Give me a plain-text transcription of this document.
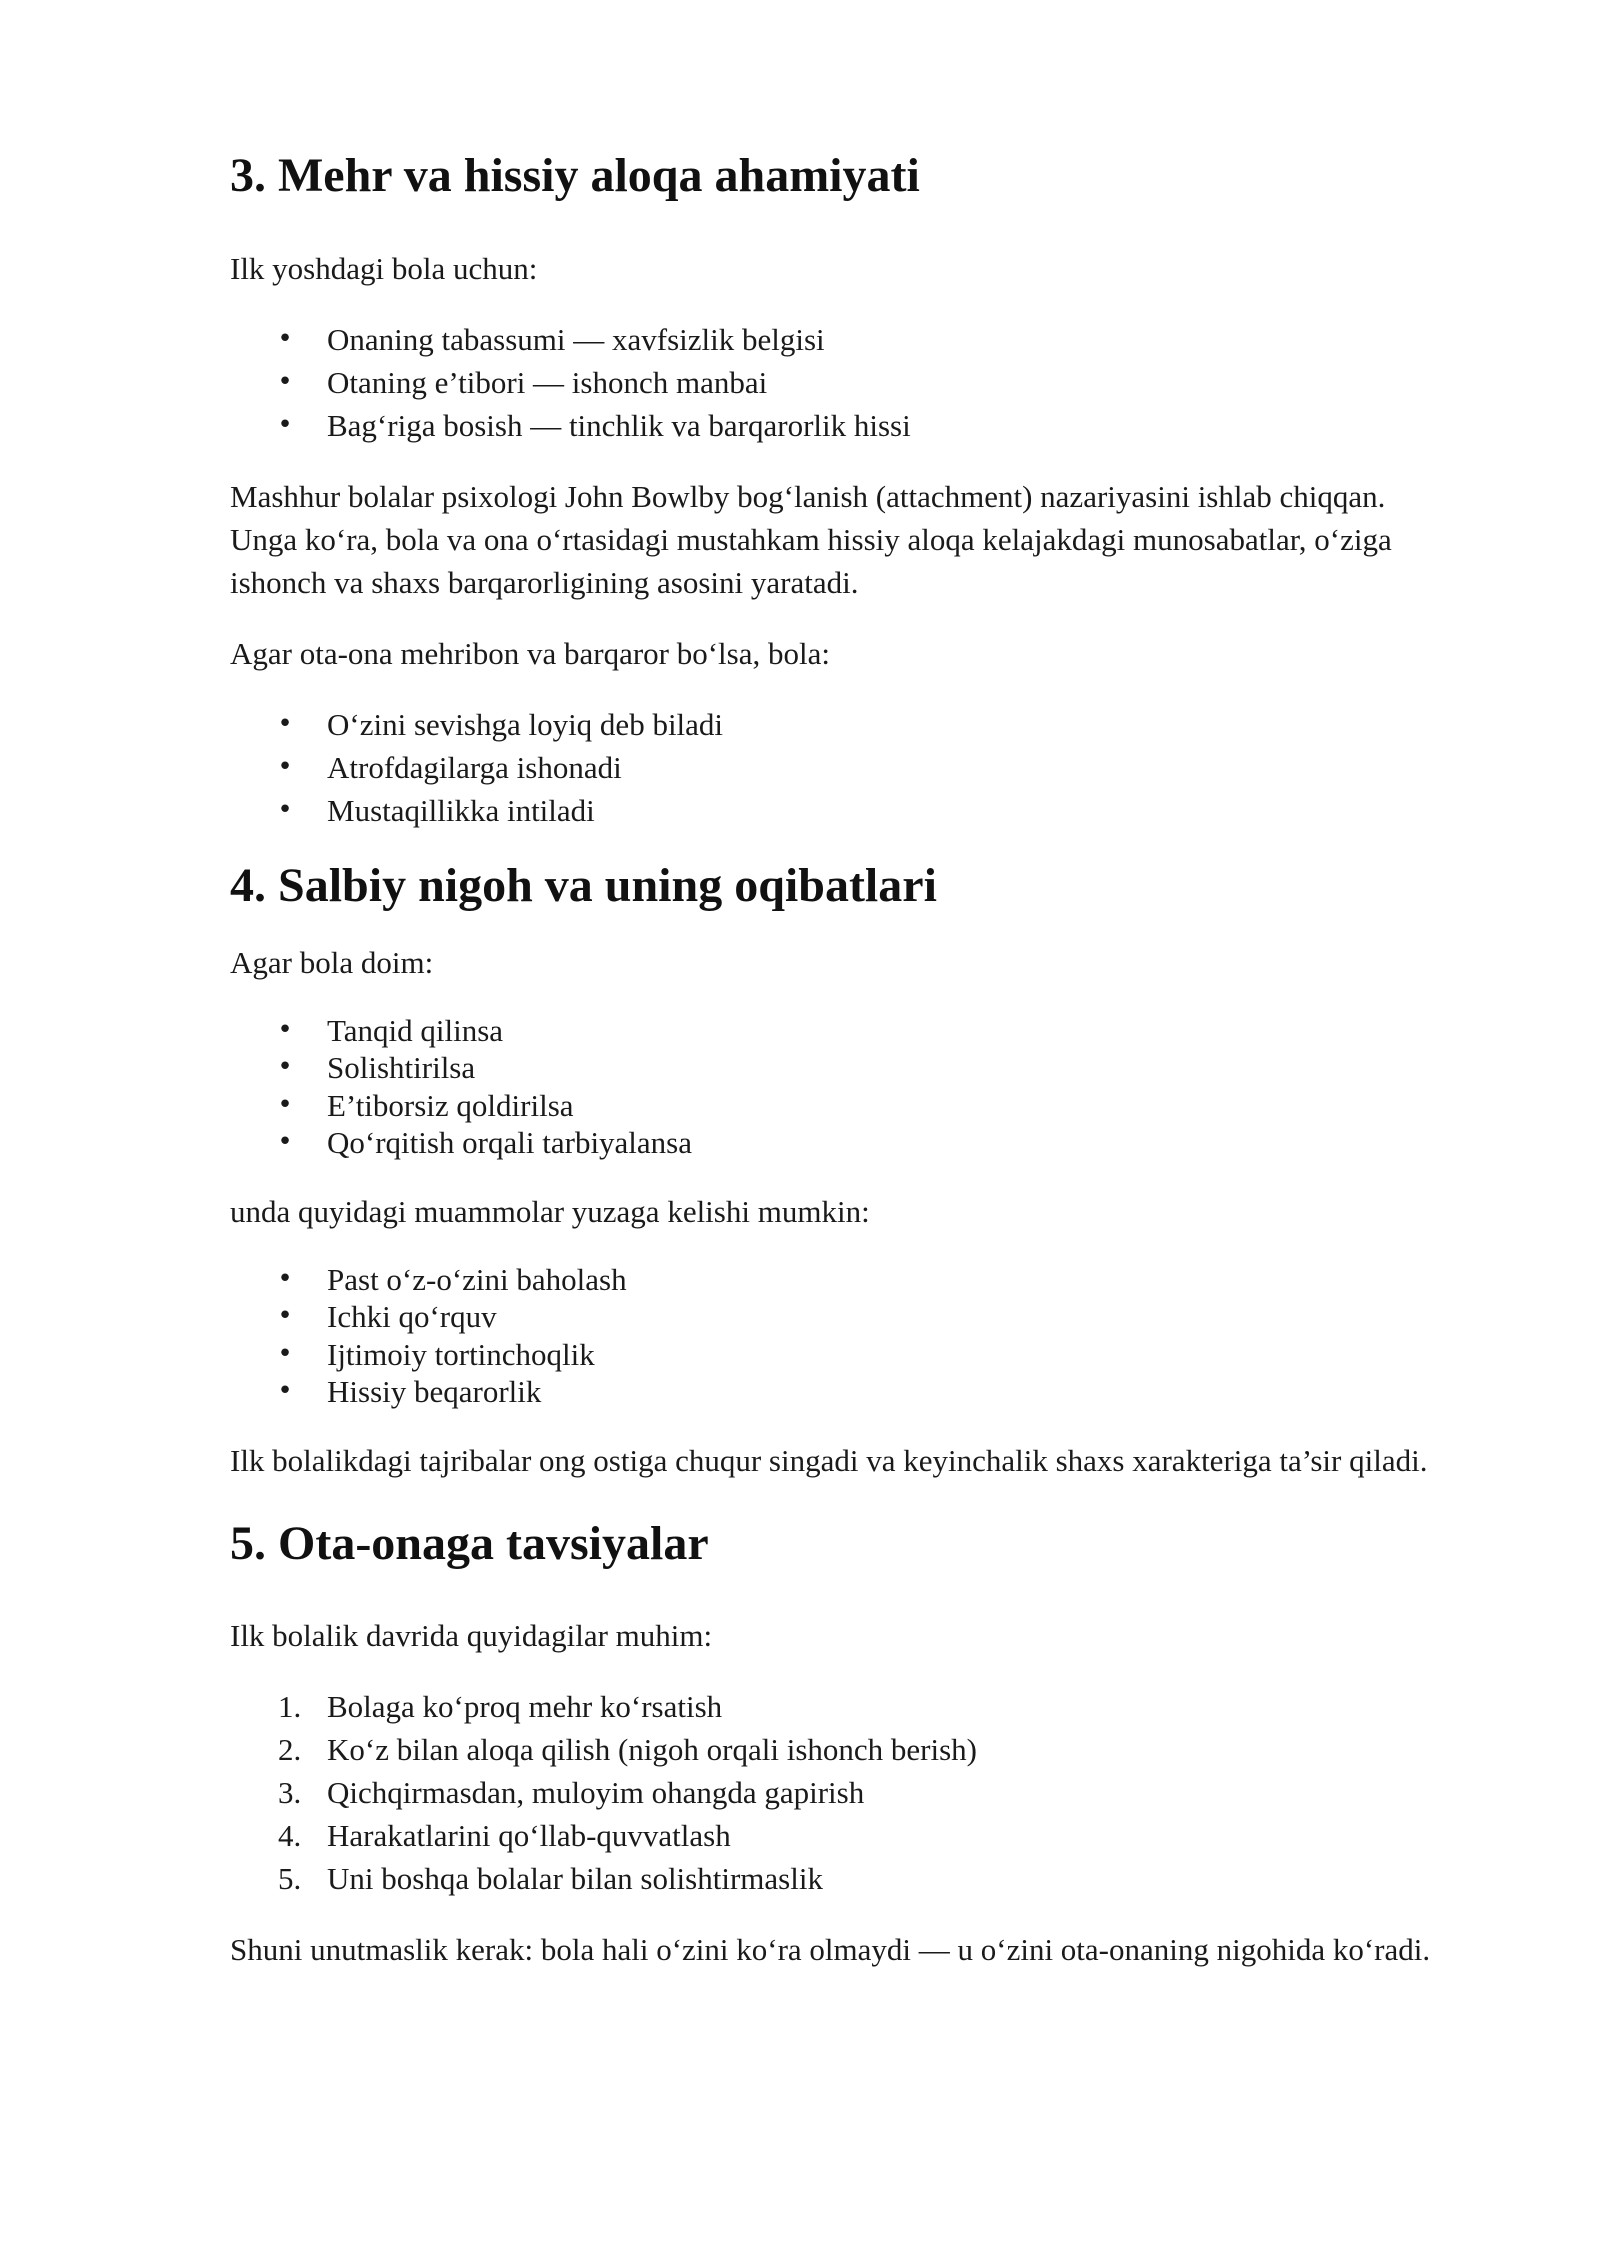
3. Mehr va hissiy aloqa ahamiyati

Ilk yoshdagi bola uchun:

• Onaning tabassumi — xavfsizlik belgisi
• Otaning e’tibori — ishonch manbai
• Bag‘riga bosish — tinchlik va barqarorlik hissi

Mashhur bolalar psixologi John Bowlby bog‘lanish (attachment) nazariyasini ishlab chiqqan.
Unga ko‘ra, bola va ona o‘rtasidagi mustahkam hissiy aloqa kelajakdagi munosabatlar, o‘ziga
ishonch va shaxs barqarorligining asosini yaratadi.

Agar ota-ona mehribon va barqaror bo‘lsa, bola:

• O‘zini sevishga loyiq deb biladi
• Atrofdagilarga ishonadi
• Mustaqillikka intiladi
4. Salbiy nigoh va uning oqibatlari

Agar bola doim:

• Tanqid qilinsa
• Solishtirilsa
• E’tiborsiz qoldirilsa
• Qo‘rqitish orqali tarbiyalansa

unda quyidagi muammolar yuzaga kelishi mumkin:

• Past o‘z-o‘zini baholash
• Ichki qo‘rquv
• Ijtimoiy tortinchoqlik
• Hissiy beqarorlik

Ilk bolalikdagi tajribalar ong ostiga chuqur singadi va keyinchalik shaxs xarakteriga ta’sir qiladi.

5. Ota-onaga tavsiyalar

Ilk bolalik davrida quyidagilar muhim:

1. Bolaga ko‘proq mehr ko‘rsatish
2. Ko‘z bilan aloqa qilish (nigoh orqali ishonch berish)
3. Qichqirmasdan, muloyim ohangda gapirish
4. Harakatlarini qo‘llab-quvvatlash
5. Uni boshqa bolalar bilan solishtirmaslik

Shuni unutmaslik kerak: bola hali o‘zini ko‘ra olmaydi — u o‘zini ota-onaning nigohida ko‘radi.
